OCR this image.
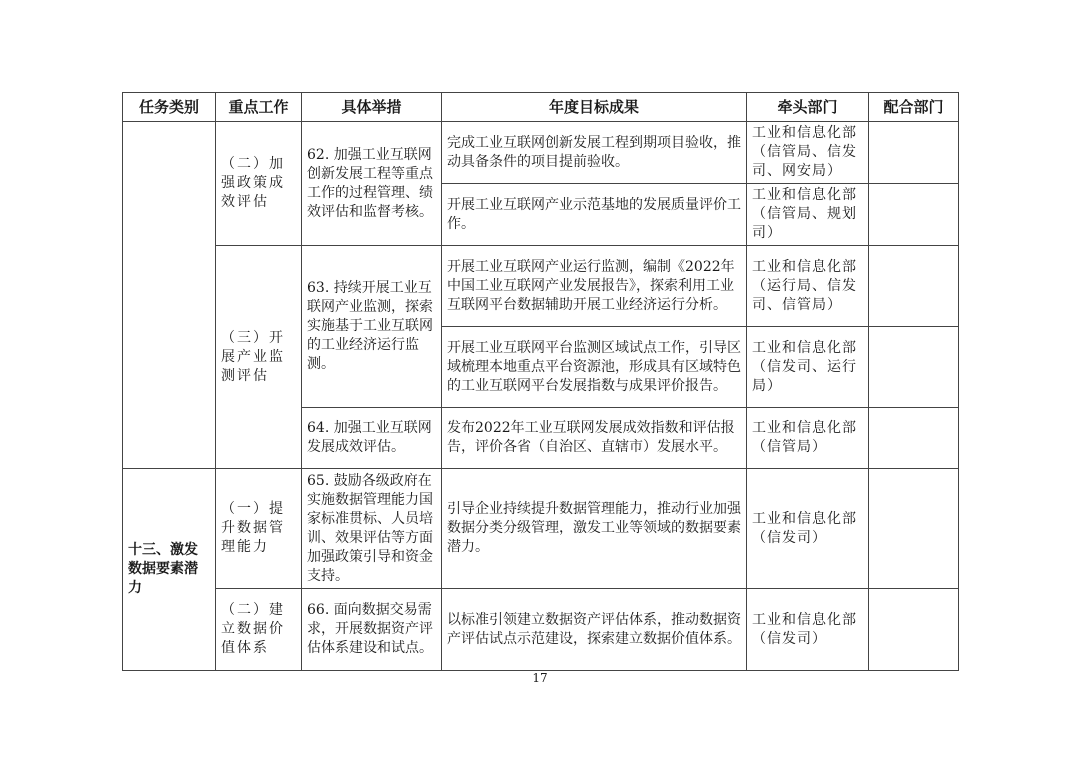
任务类别	重点工作	具体举措	年度目标成果	牵头部门	配合部门
	（二）加强政策成效评估	62. 加强工业互联网创新发展工程等重点工作的过程管理、绩效评估和监督考核。	完成工业互联网创新发展工程到期项目验收，推动具备条件的项目提前验收。	工业和信息化部（信管局、信发司、网安局）	
			开展工业互联网产业示范基地的发展质量评价工作。	工业和信息化部（信管局、规划司）	
	（三）开展产业监测评估	63. 持续开展工业互联网产业监测，探索实施基于工业互联网的工业经济运行监测。	开展工业互联网产业运行监测，编制《2022年中国工业互联网产业发展报告》，探索利用工业互联网平台数据辅助开展工业经济运行分析。	工业和信息化部（运行局、信发司、信管局）	
			开展工业互联网平台监测区域试点工作，引导区域梳理本地重点平台资源池，形成具有区域特色的工业互联网平台发展指数与成果评价报告。	工业和信息化部（信发司、运行局）	
		64. 加强工业互联网发展成效评估。	发布2022年工业互联网发展成效指数和评估报告，评价各省（自治区、直辖市）发展水平。	工业和信息化部（信管局）	
十三、激发数据要素潜力	（一）提升数据管理能力	65. 鼓励各级政府在实施数据管理能力国家标准贯标、人员培训、效果评估等方面加强政策引导和资金支持。	引导企业持续提升数据管理能力，推动行业加强数据分类分级管理，激发工业等领域的数据要素潜力。	工业和信息化部（信发司）	
	（二）建立数据价值体系	66. 面向数据交易需求，开展数据资产评估体系建设和试点。	以标准引领建立数据资产评估体系，推动数据资产评估试点示范建设，探索建立数据价值体系。	工业和信息化部（信发司）	
17
